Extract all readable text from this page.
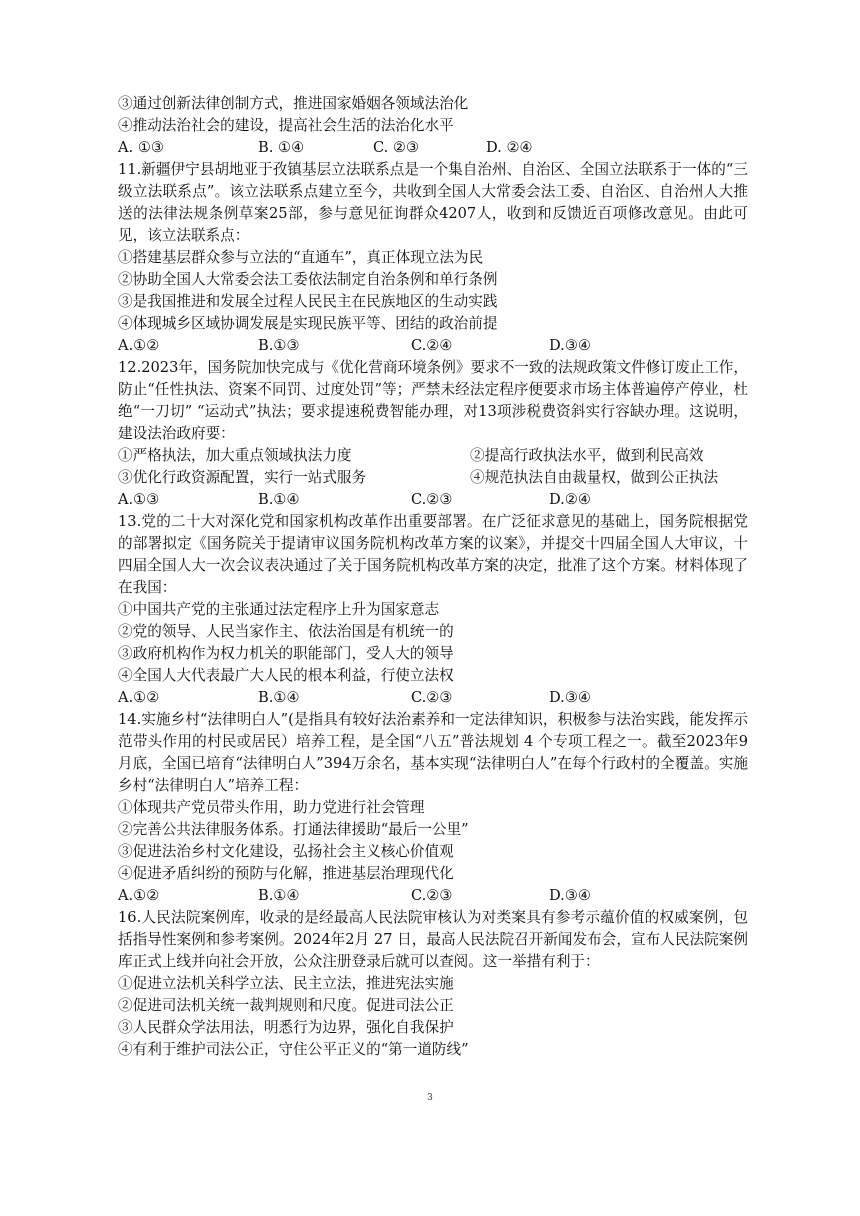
③通过创新法律创制方式，推进国家婚姻各领域法治化
④推动法治社会的建设，提高社会生活的法治化水平
A. ①③	B. ①④	C. ②③	D. ②④
11.新疆伊宁县胡地亚于孜镇基层立法联系点是一个集自治州、自治区、全国立法联系于一体的“三级立法联系点”。该立法联系点建立至今，共收到全国人大常委会法工委、自治区、自治州人大推送的法律法规条例草案25部，参与意见征询群众4207人，收到和反馈近百项修改意见。由此可见，该立法联系点：
①搭建基层群众参与立法的“直通车”，真正体现立法为民
②协助全国人大常委会法工委依法制定自治条例和单行条例
③是我国推进和发展全过程人民民主在民族地区的生动实践
④体现城乡区域协调发展是实现民族平等、团结的政治前提
A.①②	B.①③	C.②④	D.③④
12.2023年，国务院加快完成与《优化营商环境条例》要求不一致的法规政策文件修订废止工作，防止“任性执法、资案不同罚、过度处罚”等；严禁未经法定程序便要求市场主体普遍停产停业，杜绝“一刀切” “运动式”执法；要求提速税费智能办理，对13项涉税费资斜实行容缺办理。这说明，建设法治政府要：
①严格执法，加大重点领域执法力度	②提高行政执法水平，做到利民高效
③优化行政资源配置，实行一站式服务	④规范执法自由裁量权，做到公正执法
A.①③	B.①④	C.②③	D.②④
13.党的二十大对深化党和国家机构改革作出重要部署。在广泛征求意见的基础上，国务院根据党的部署拟定《国务院关于提请审议国务院机构改革方案的议案》，并提交十四届全国人大审议，十四届全国人大一次会议表决通过了关于国务院机构改革方案的决定，批准了这个方案。材料体现了在我国：
①中国共产党的主张通过法定程序上升为国家意志
②党的领导、人民当家作主、依法治国是有机统一的
③政府机构作为权力机关的职能部门，受人大的领导
④全国人大代表最广大人民的根本利益，行使立法权
A.①②	B.①④	C.②③	D.③④
14.实施乡村“法律明白人”(是指具有较好法治素养和一定法律知识，积极参与法治实践，能发挥示范带头作用的村民或居民）培养工程，是全国“八五”普法规划 4 个专项工程之一。截至2023年9月底，全国已培育“法律明白人”394万余名，基本实现“法律明白人”在每个行政村的全覆盖。实施乡村“法律明白人”培养工程：
①体现共产党员带头作用，助力党进行社会管理
②完善公共法律服务体系。打通法律援助“最后一公里”
③促进法治乡村文化建设，弘扬社会主义核心价值观
④促进矛盾纠纷的预防与化解，推进基层治理现代化
A.①②	B.①④	C.②③	D.③④
16.人民法院案例库，收录的是经最高人民法院审核认为对类案具有参考示蕴价值的权威案例，包括指导性案例和参考案例。2024年2月 27 日，最高人民法院召开新闻发布会，宣布人民法院案例库正式上线并向社会开放，公众注册登录后就可以查阅。这一举措有利于：
①促进立法机关科学立法、民主立法，推进宪法实施
②促进司法机关统一裁判规则和尺度。促进司法公正
③人民群众学法用法，明悉行为边界，强化自我保护
④有利于维护司法公正，守住公平正义的“第一道防线”
3
